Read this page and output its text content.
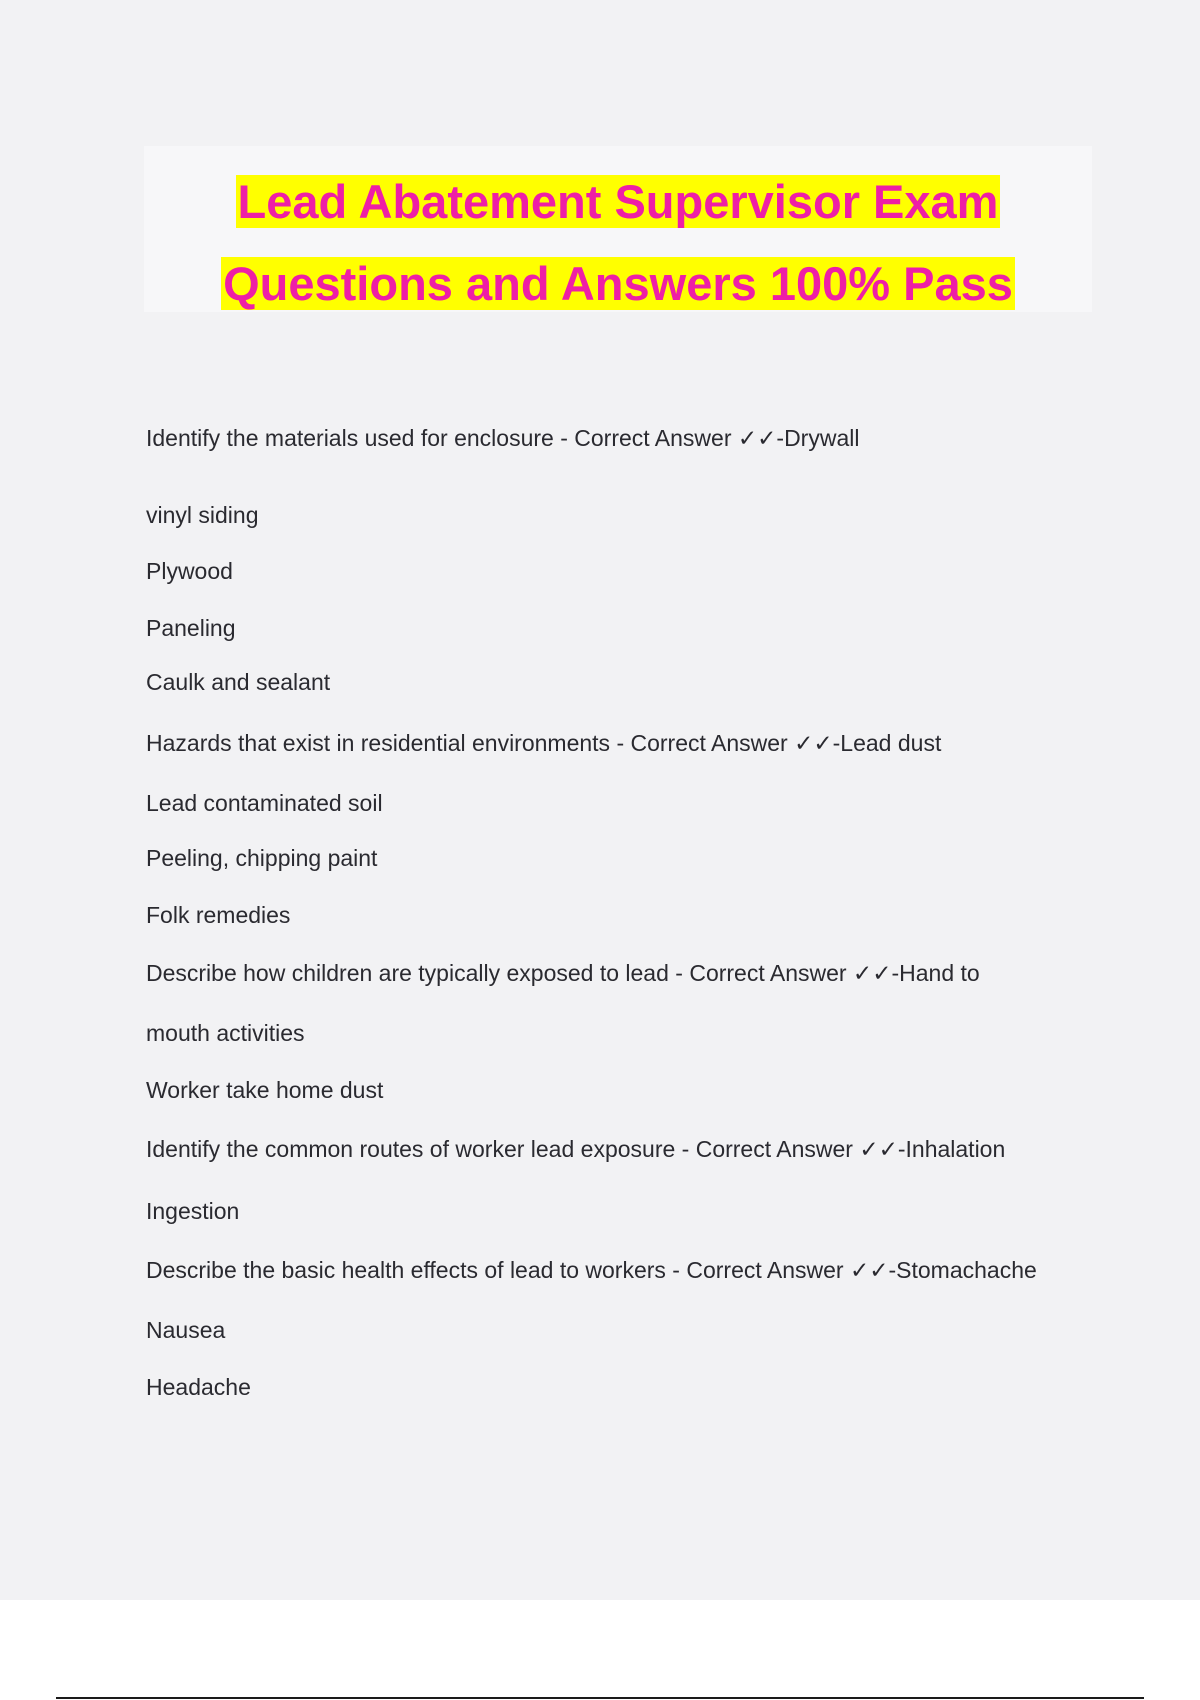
Lead Abatement Supervisor Exam
Questions and Answers 100% Pass
Identify the materials used for enclosure - Correct Answer ✓✓-Drywall
vinyl siding
Plywood
Paneling
Caulk and sealant
Hazards that exist in residential environments - Correct Answer ✓✓-Lead dust
Lead contaminated soil
Peeling, chipping paint
Folk remedies
Describe how children are typically exposed to lead - Correct Answer ✓✓-Hand to
mouth activities
Worker take home dust
Identify the common routes of worker lead exposure - Correct Answer ✓✓-Inhalation
Ingestion
Describe the basic health effects of lead to workers - Correct Answer ✓✓-Stomachache
Nausea
Headache
